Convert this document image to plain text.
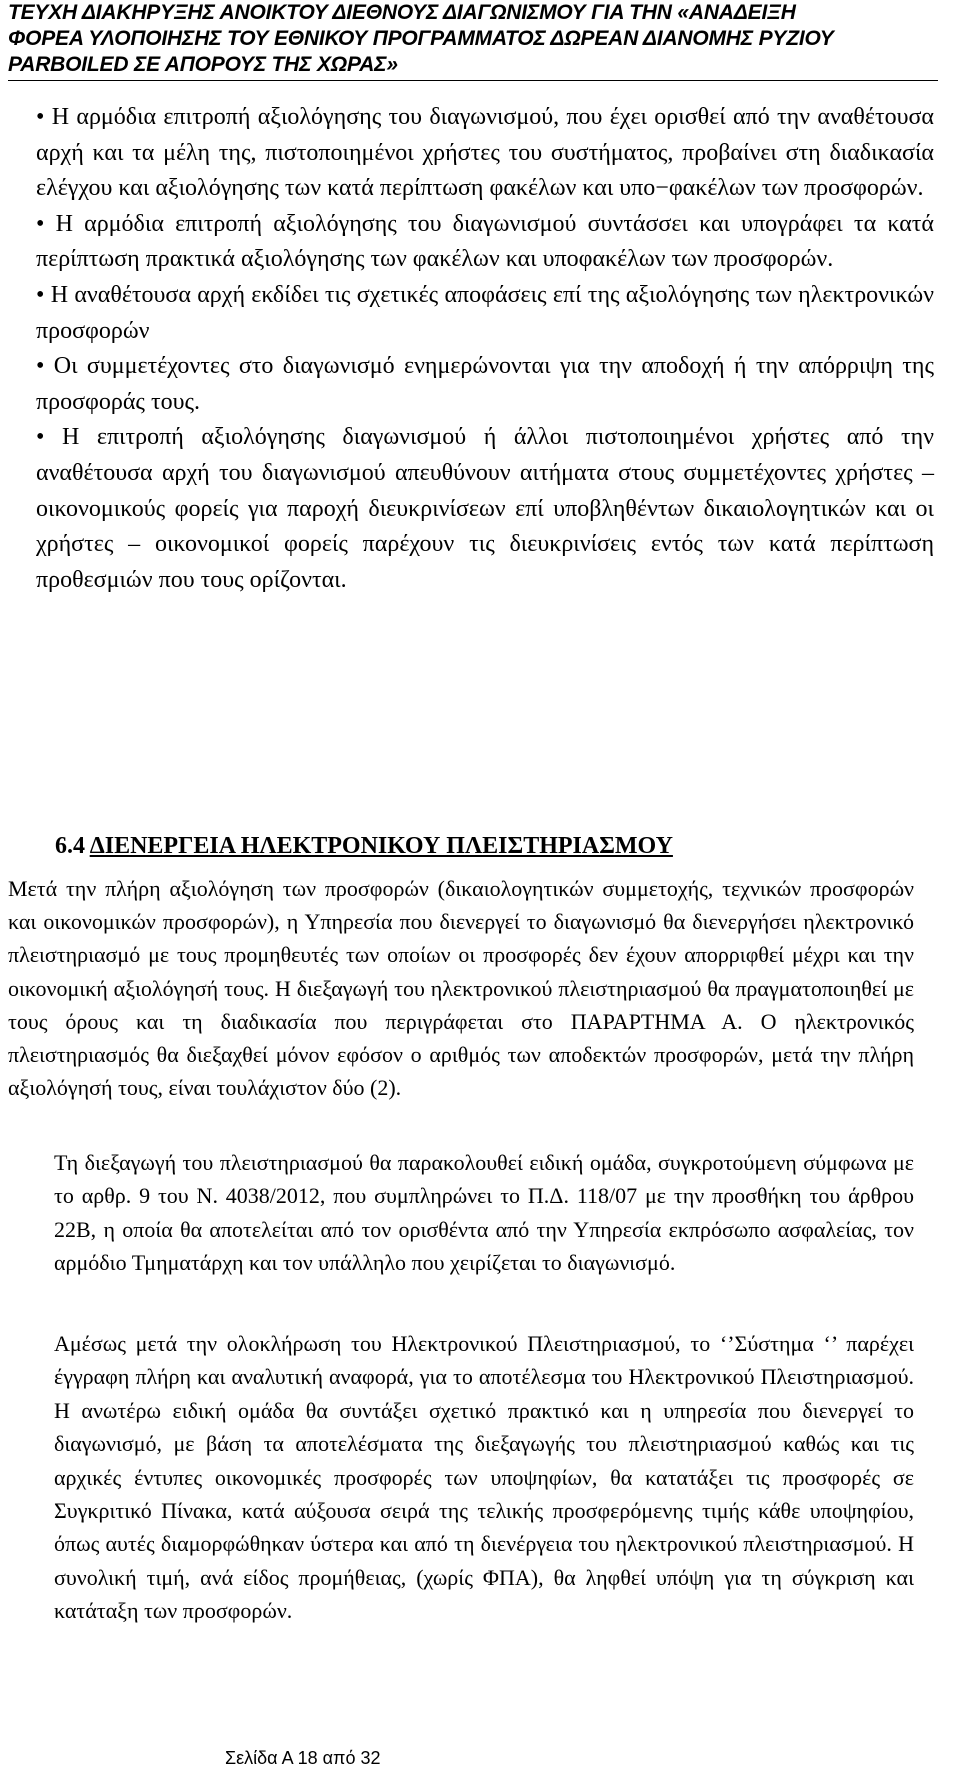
ΤΕΥΧΗ ΔΙΑΚΗΡΥΞΗΣ ΑΝΟΙΚΤΟΥ ΔΙΕΘΝΟΥΣ ΔΙΑΓΩΝΙΣΜΟΥ ΓΙΑ ΤΗΝ «ΑΝΑΔΕΙΞΗ
ΦΟΡΕΑ ΥΛΟΠΟΙΗΣΗΣ ΤΟΥ ΕΘΝΙΚΟΥ ΠΡΟΓΡΑΜΜΑΤΟΣ ΔΩΡΕΑΝ ΔΙΑΝΟΜΗΣ ΡΥΖΙΟΥ
PARBOILED ΣΕ ΑΠΟΡΟΥΣ ΤΗΣ ΧΩΡΑΣ»

• Η αρμόδια επιτροπή αξιολόγησης του διαγωνισμού, που έχει ορισθεί από την αναθέτουσα αρχή και τα μέλη της, πιστοποιημένοι χρήστες του συστήματος, προβαίνει στη διαδικασία ελέγχου και αξιολόγησης των κατά περίπτωση φακέλων και υπο−φακέλων των προσφορών.

• Η αρμόδια επιτροπή αξιολόγησης του διαγωνισμού συντάσσει και υπογράφει τα κατά περίπτωση πρακτικά αξιολόγησης των φακέλων και υποφακέλων των προσφορών.

• Η αναθέτουσα αρχή εκδίδει τις σχετικές αποφάσεις επί της αξιολόγησης των ηλεκτρονικών προσφορών

• Οι συμμετέχοντες στο διαγωνισμό ενημερώνονται για την αποδοχή ή την απόρριψη της προσφοράς τους.

• Η επιτροπή αξιολόγησης διαγωνισμού ή άλλοι πιστοποιημένοι χρήστες από την αναθέτουσα αρχή του διαγωνισμού απευθύνουν αιτήματα στους συμμετέχοντες χρήστες – οικονομικούς φορείς για παροχή διευκρινίσεων επί υποβληθέντων δικαιολογητικών και οι χρήστες – οικονομικοί φορείς παρέχουν τις διευκρινίσεις εντός των κατά περίπτωση προθεσμιών που τους ορίζονται.

6.4 ΔΙΕΝΕΡΓΕΙΑ ΗΛΕΚΤΡΟΝΙΚΟΥ ΠΛΕΙΣΤΗΡΙΑΣΜΟΥ

Μετά την πλήρη αξιολόγηση των προσφορών (δικαιολογητικών συμμετοχής, τεχνικών προσφορών και οικονομικών προσφορών), η Υπηρεσία που διενεργεί το διαγωνισμό θα διενεργήσει ηλεκτρονικό πλειστηριασμό με τους προμηθευτές των οποίων οι προσφορές δεν έχουν απορριφθεί μέχρι και την οικονομική αξιολόγησή τους. Η διεξαγωγή του ηλεκτρονικού πλειστηριασμού θα πραγματοποιηθεί με τους όρους και τη διαδικασία που περιγράφεται στο ΠΑΡΑΡΤΗΜΑ Α. Ο ηλεκτρονικός πλειστηριασμός θα διεξαχθεί μόνον εφόσον ο αριθμός των αποδεκτών προσφορών, μετά την πλήρη αξιολόγησή τους, είναι τουλάχιστον δύο (2).

Τη διεξαγωγή του πλειστηριασμού θα παρακολουθεί ειδική ομάδα, συγκροτούμενη σύμφωνα με το αρθρ. 9 του Ν. 4038/2012, που συμπληρώνει το Π.Δ. 118/07 με την προσθήκη του άρθρου 22Β, η οποία θα αποτελείται από τον ορισθέντα από την Υπηρεσία εκπρόσωπο ασφαλείας, τον αρμόδιο Τμηματάρχη και τον υπάλληλο που χειρίζεται το διαγωνισμό.

Αμέσως μετά την ολοκλήρωση του Ηλεκτρονικού Πλειστηριασμού, το ‘’Σύστημα ‘’ παρέχει έγγραφη πλήρη και αναλυτική αναφορά, για το αποτέλεσμα του Ηλεκτρονικού Πλειστηριασμού. Η ανωτέρω ειδική ομάδα θα συντάξει σχετικό πρακτικό και η υπηρεσία που διενεργεί το διαγωνισμό, με βάση τα αποτελέσματα της διεξαγωγής του πλειστηριασμού καθώς και τις αρχικές έντυπες οικονομικές προσφορές των υποψηφίων, θα κατατάξει τις προσφορές σε Συγκριτικό Πίνακα, κατά αύξουσα σειρά της τελικής προσφερόμενης τιμής κάθε υποψηφίου, όπως αυτές διαμορφώθηκαν ύστερα και από τη διενέργεια του ηλεκτρονικού πλειστηριασμού. Η συνολική τιμή, ανά είδος προμήθειας, (χωρίς ΦΠΑ), θα ληφθεί υπόψη για τη σύγκριση και κατάταξη των προσφορών.

Σελίδα Α 18 από 32
